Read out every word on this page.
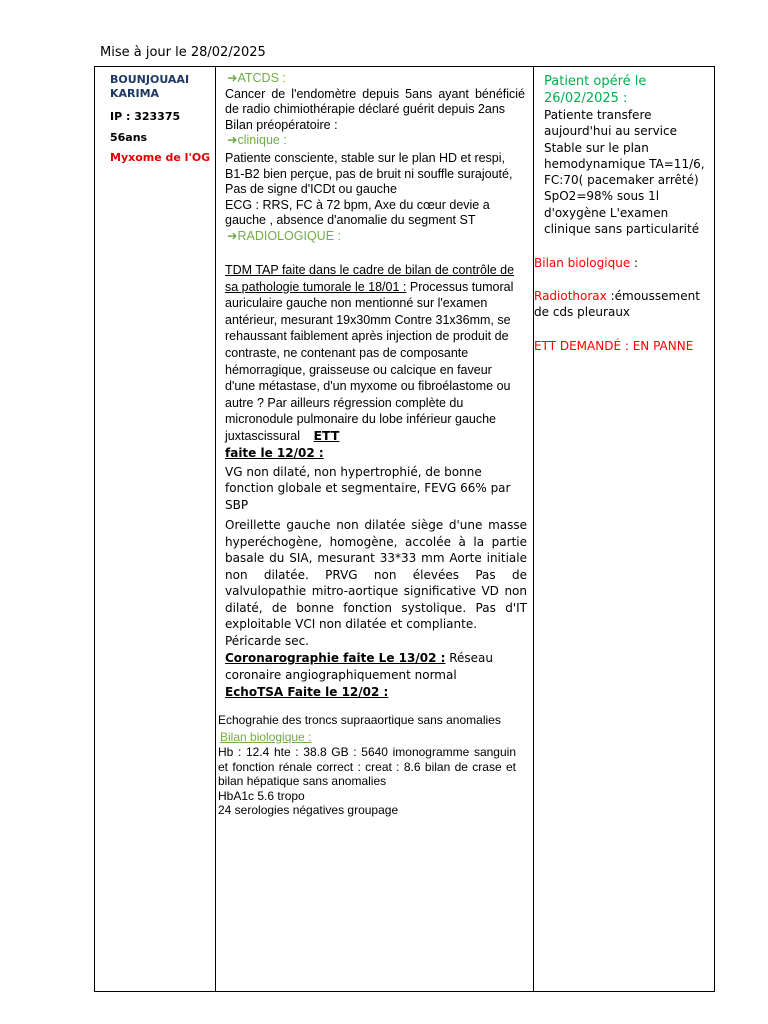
Mise à jour le 28/02/2025
BOUNJOUAAI KARIMA
IP : 323375
56ans
Myxome de l'OG
➜ATCDS :
Cancer de l'endomètre depuis 5ans ayant bénéficié de radio chimiothérapie déclaré guérit depuis 2ans
Bilan préopératoire :
➜clinique :
Patiente consciente, stable sur le plan HD et respi, B1-B2 bien perçue, pas de bruit ni souffle surajouté, Pas de signe d'ICDt ou gauche
ECG : RRS, FC à 72 bpm, Axe du cœur devie a gauche , absence d'anomalie du segment ST
➜RADIOLOGIQUE :
TDM TAP faite dans le cadre de bilan de contrôle de sa pathologie tumorale le 18/01 : Processus tumoral auriculaire gauche non mentionné sur l'examen antérieur, mesurant 19x30mm Contre 31x36mm, se rehaussant faiblement après injection de produit de contraste, ne contenant pas de composante hémorragique, graisseuse ou calcique en faveur d'une métastase, d'un myxome ou fibroélastome ou autre ? Par ailleurs régression complète du micronodule pulmonaire du lobe inférieur gauche juxtascissural ETT
faite le 12/02 :
VG non dilaté, non hypertrophié, de bonne fonction globale et segmentaire, FEVG 66% par SBP
Oreillette gauche non dilatée siège d'une masse hyperéchogène, homogène, accolée à la partie basale du SIA, mesurant 33*33 mm Aorte initiale non dilatée. PRVG non élevées Pas de valvulopathie mitro-aortique significative VD non dilaté, de bonne fonction systolique. Pas d'IT exploitable VCI non dilatée et compliante.
Péricarde sec.
Coronarographie faite Le 13/02 : Réseau coronaire angiographiquement normal
EchoTSA Faite le 12/02 :
Echograhie des troncs supraaortique sans anomalies
Bilan biologique :
Hb : 12.4 hte : 38.8 GB : 5640 imonogramme sanguin et fonction rénale correct : creat : 8.6 bilan de crase et bilan hépatique sans anomalies
HbA1c 5.6 tropo
24 serologies négatives groupage
Patient opéré le 26/02/2025 :
Patiente transfere aujourd'hui au service Stable sur le plan hemodynamique TA=11/6, FC:70( pacemaker arrêté) SpO2=98% sous 1l d'oxygène L'examen clinique sans particularité
Bilan biologique :
Radiothorax :émoussement de cds pleuraux
ETT DEMANDÉ : EN PANNE
